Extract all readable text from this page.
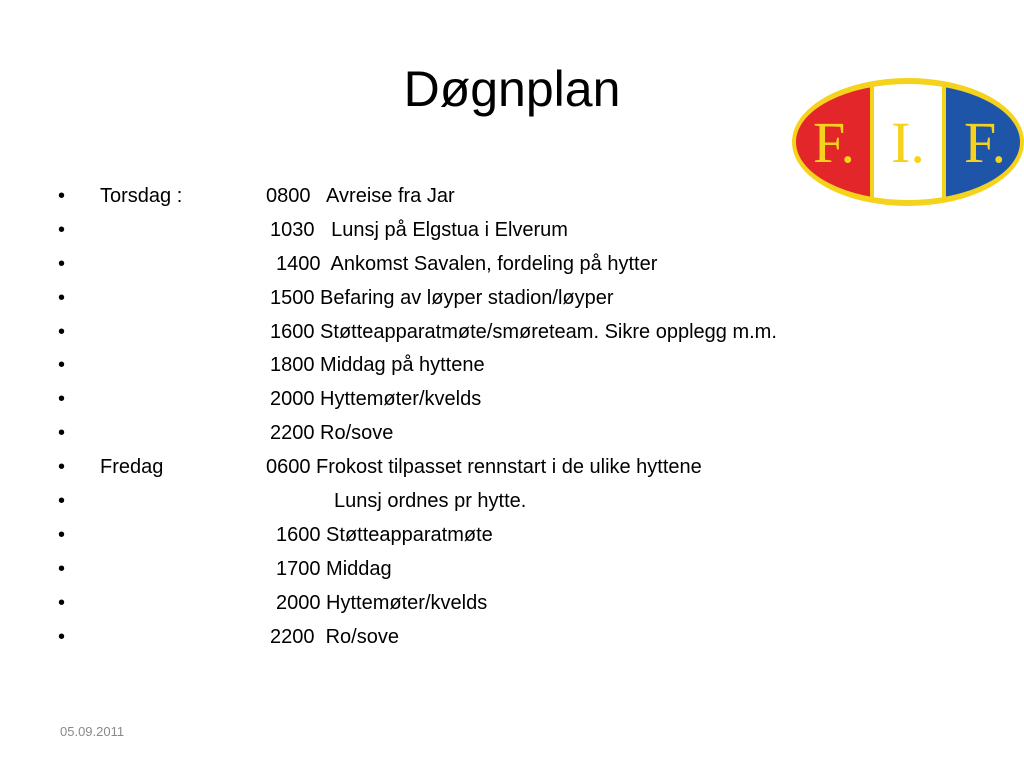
Døgnplan
F. I. F.

•

	Torsdag :

	0800   Avreise fra Jar

•

	1030   Lunsj på Elgstua i Elverum

•

	1400  Ankomst Savalen, fordeling på hytter

•

	1500 Befaring av løyper stadion/løyper

•

	1600 Støtteapparatmøte/smøreteam. Sikre opplegg m.m.

•

	1800 Middag på hyttene

•

	2000 Hyttemøter/kvelds

•

	2200 Ro/sove

•

	Fredag

	0600 Frokost tilpasset rennstart i de ulike hyttene

•

	Lunsj ordnes pr hytte.

•

	1600 Støtteapparatmøte

•

	1700 Middag

•

	2000 Hyttemøter/kvelds

•

	2200  Ro/sove

05.09.2011
